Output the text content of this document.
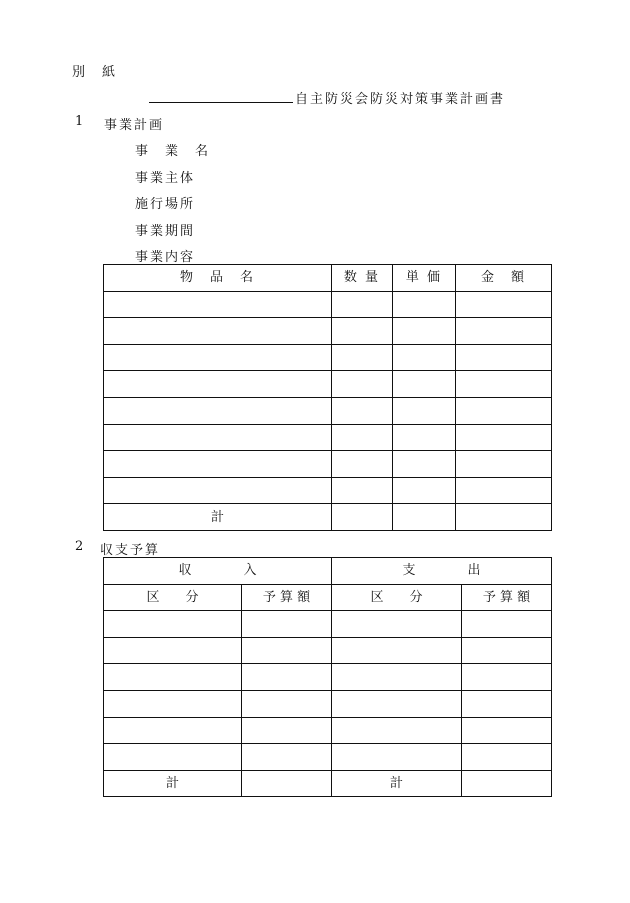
別　紙
自主防災会防災対策事業計画書
1 事業計画
事　業　名
事業主体
施行場所
事業期間
事業内容
物　品　名	数 量	単 価	金　額

計			
2 収支予算
収　　　　入		支　　　　出	
区　　分	予 算 額	区　　分	予 算 額

計		計	
